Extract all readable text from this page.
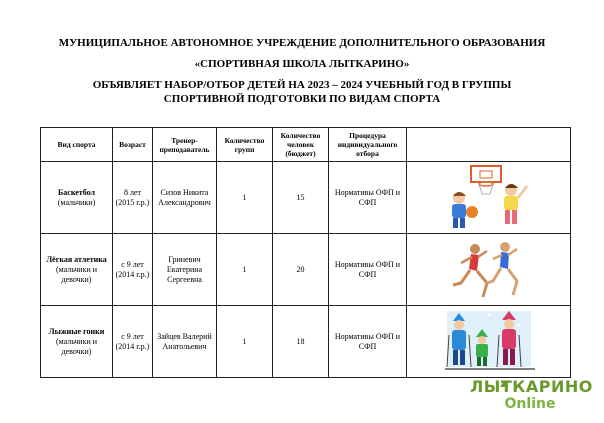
МУНИЦИПАЛЬНОЕ АВТОНОМНОЕ УЧРЕЖДЕНИЕ ДОПОЛНИТЕЛЬНОГО ОБРАЗОВАНИЯ
«СПОРТИВНАЯ ШКОЛА ЛЫТКАРИНО»
ОБЪЯВЛЯЕТ НАБОР/ОТБОР ДЕТЕЙ НА 2023 – 2024 УЧЕБНЫЙ ГОД В ГРУППЫ
СПОРТИВНОЙ ПОДГОТОВКИ ПО ВИДАМ СПОРТА
Вид спорта	Возраст	Тренер-преподаватель	Количество групп	Количество человек (бюджет)	Процедура индивидуального отбора	

Баскетбол
(мальчики)	8 лет (2015 г.р.)	Сизов Никита Александрович	1	15	Нормативы ОФП и СФП	

Лёгкая атлетика
(мальчики и девочки)	с 9 лет (2014 г.р.)	Гриневич Екатерина Сергеевна	1	20	Нормативы ОФП и СФП	

Лыжные гонки
(мальчики и девочки)	с 9 лет (2014 г.р.)	Зайцев Валерий Анатольевич	1	18	Нормативы ОФП и СФП	
ЛЫТКАРИНО
Online
